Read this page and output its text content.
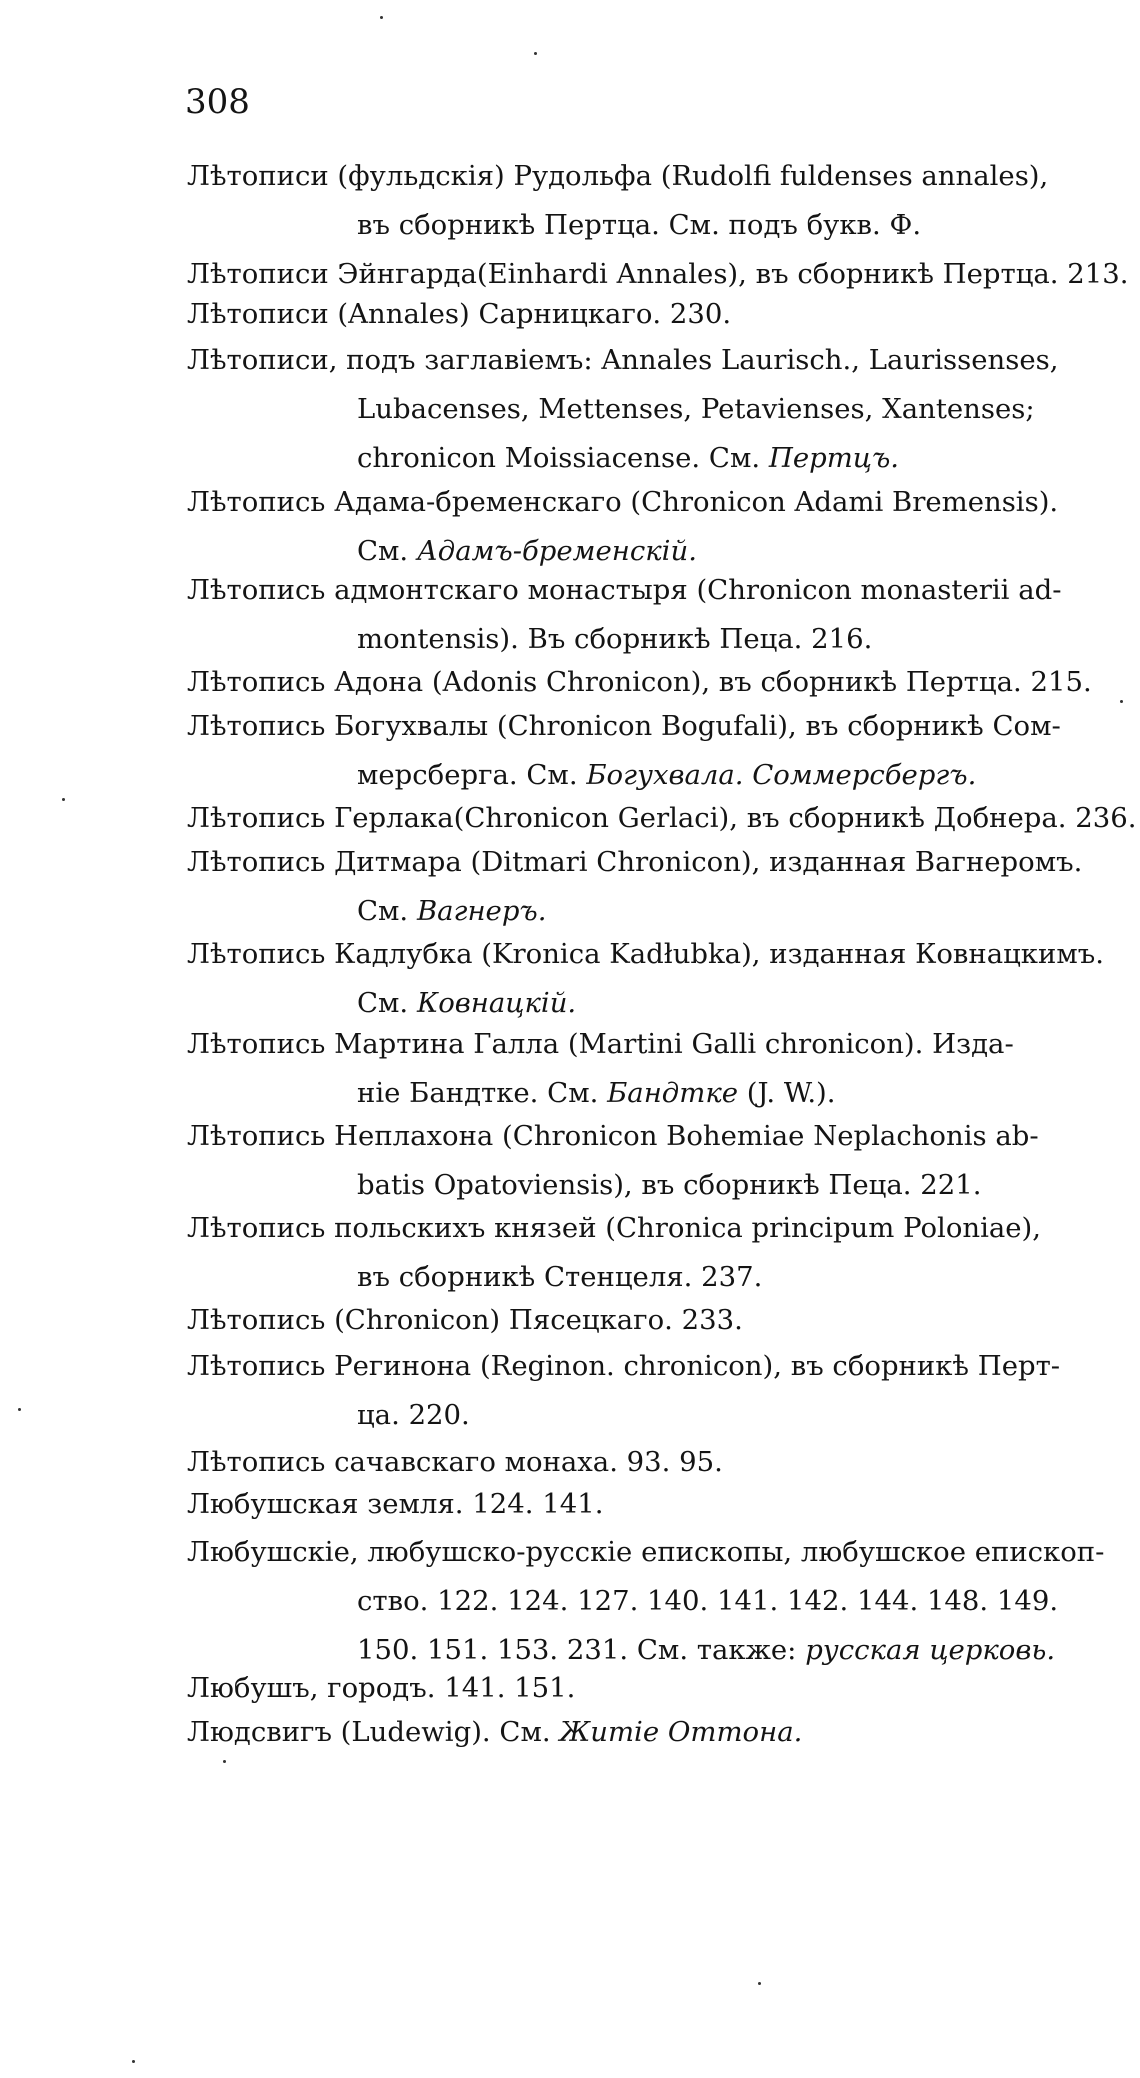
308
Лѣтописи (фульдскія) Рудольфа (Rudolfi fuldenses annales),
въ сборникѣ Пертца. См. подъ букв. Ф.
Лѣтописи Эйнгарда(Einhardi Annales), въ сборникѣ Пертца. 213.
Лѣтописи (Annales) Сарницкаго. 230.
Лѣтописи, подъ заглавіемъ: Annales Laurisch., Laurissenses,
Lubacenses, Mettenses, Petavienses, Xantenses;
chronicon Moissiacense. См. Пертцъ.
Лѣтопись Адама-бременскаго (Chronicon Adami Bremensis).
См. Адамъ-бременскій.
Лѣтопись адмонтскаго монастыря (Chronicon monasterii ad-
montensis). Въ сборникѣ Пеца. 216.
Лѣтопись Адона (Adonis Chronicon), въ сборникѣ Пертца. 215.
Лѣтопись Богухвалы (Chronicon Bogufali), въ сборникѣ Сом-
мерсберга. См. Богухвала. Соммерсбергъ.
Лѣтопись Герлака(Chronicon Gerlaci), въ сборникѣ Добнера. 236.
Лѣтопись Дитмара (Ditmari Chronicon), изданная Вагнеромъ.
См. Вагнеръ.
Лѣтопись Кадлубка (Kronica Kadłubka), изданная Ковнацкимъ.
См. Ковнацкій.
Лѣтопись Мартина Галла (Martini Galli chronicon). Изда-
ніе Бандтке. См. Бандтке (J. W.).
Лѣтопись Неплахона (Chronicon Bohemiae Neplachonis ab-
batis Opatoviensis), въ сборникѣ Пеца. 221.
Лѣтопись польскихъ князей (Chronica principum Poloniae),
въ сборникѣ Стенцеля. 237.
Лѣтопись (Chronicon) Пясецкаго. 233.
Лѣтопись Регинона (Reginon. chronicon), въ сборникѣ Перт-
ца. 220.
Лѣтопись сачавскаго монаха. 93. 95.
Любушская земля. 124. 141.
Любушскіе, любушско-русскіе епископы, любушское епископ-
ство. 122. 124. 127. 140. 141. 142. 144. 148. 149.
150. 151. 153. 231. См. также: русская церковь.
Любушъ, городъ. 141. 151.
Людсвигъ (Ludewig). См. Житіе Оттона.
